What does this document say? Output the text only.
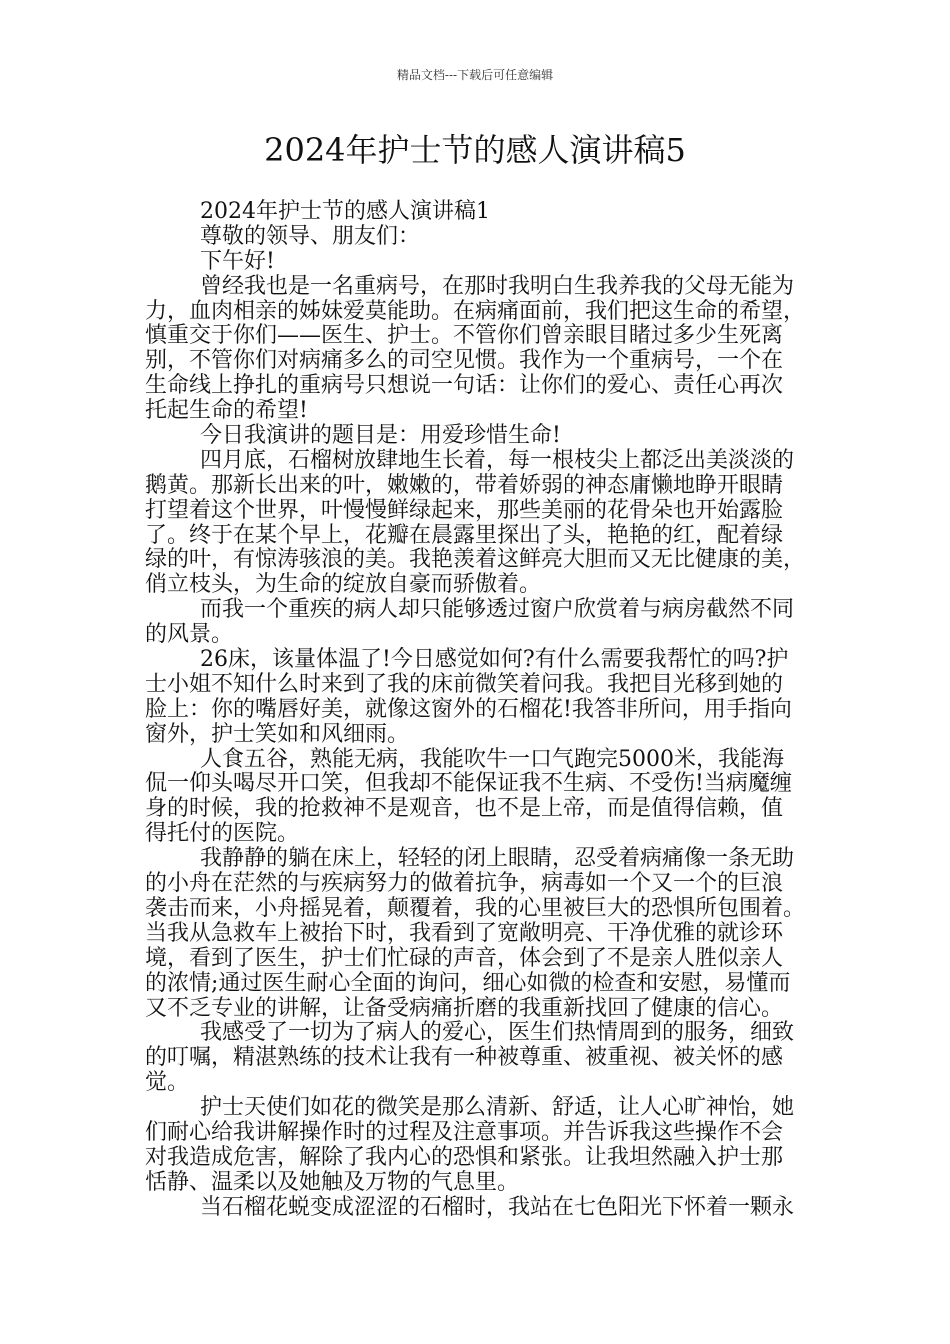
精品文档---下载后可任意编辑
2024年护士节的感人演讲稿5
2024年护士节的感人演讲稿1
尊敬的领导、朋友们：
下午好!
曾经我也是一名重病号，在那时我明白生我养我的父母无能为
力，血肉相亲的姊妹爱莫能助。在病痛面前，我们把这生命的希望，
慎重交于你们——医生、护士。不管你们曾亲眼目睹过多少生死离
别，不管你们对病痛多么的司空见惯。我作为一个重病号，一个在
生命线上挣扎的重病号只想说一句话：让你们的爱心、责任心再次
托起生命的希望!
今日我演讲的题目是：用爱珍惜生命!
四月底，石榴树放肆地生长着，每一根枝尖上都泛出美淡淡的
鹅黄。那新长出来的叶，嫩嫩的，带着娇弱的神态庸懒地睁开眼睛
打望着这个世界，叶慢慢鲜绿起来，那些美丽的花骨朵也开始露脸
了。终于在某个早上，花瓣在晨露里探出了头，艳艳的红，配着绿
绿的叶，有惊涛骇浪的美。我艳羡着这鲜亮大胆而又无比健康的美，
俏立枝头，为生命的绽放自豪而骄傲着。
而我一个重疾的病人却只能够透过窗户欣赏着与病房截然不同
的风景。
26床，该量体温了!今日感觉如何?有什么需要我帮忙的吗?护
士小姐不知什么时来到了我的床前微笑着问我。我把目光移到她的
脸上：你的嘴唇好美，就像这窗外的石榴花!我答非所问，用手指向
窗外，护士笑如和风细雨。
人食五谷，熟能无病，我能吹牛一口气跑完5000米，我能海
侃一仰头喝尽开口笑，但我却不能保证我不生病、不受伤!当病魔缠
身的时候，我的抢救神不是观音，也不是上帝，而是值得信赖，值
得托付的医院。
我静静的躺在床上，轻轻的闭上眼睛，忍受着病痛像一条无助
的小舟在茫然的与疾病努力的做着抗争，病毒如一个又一个的巨浪
袭击而来，小舟摇晃着，颠覆着，我的心里被巨大的恐惧所包围着。
当我从急救车上被抬下时，我看到了宽敞明亮、干净优雅的就诊环
境，看到了医生，护士们忙碌的声音，体会到了不是亲人胜似亲人
的浓情;通过医生耐心全面的询问，细心如微的检查和安慰，易懂而
又不乏专业的讲解，让备受病痛折磨的我重新找回了健康的信心。
我感受了一切为了病人的爱心，医生们热情周到的服务，细致
的叮嘱，精湛熟练的技术让我有一种被尊重、被重视、被关怀的感
觉。
护士天使们如花的微笑是那么清新、舒适，让人心旷神怡，她
们耐心给我讲解操作时的过程及注意事项。并告诉我这些操作不会
对我造成危害，解除了我内心的恐惧和紧张。让我坦然融入护士那
恬静、温柔以及她触及万物的气息里。
当石榴花蜕变成涩涩的石榴时，我站在七色阳光下怀着一颗永
